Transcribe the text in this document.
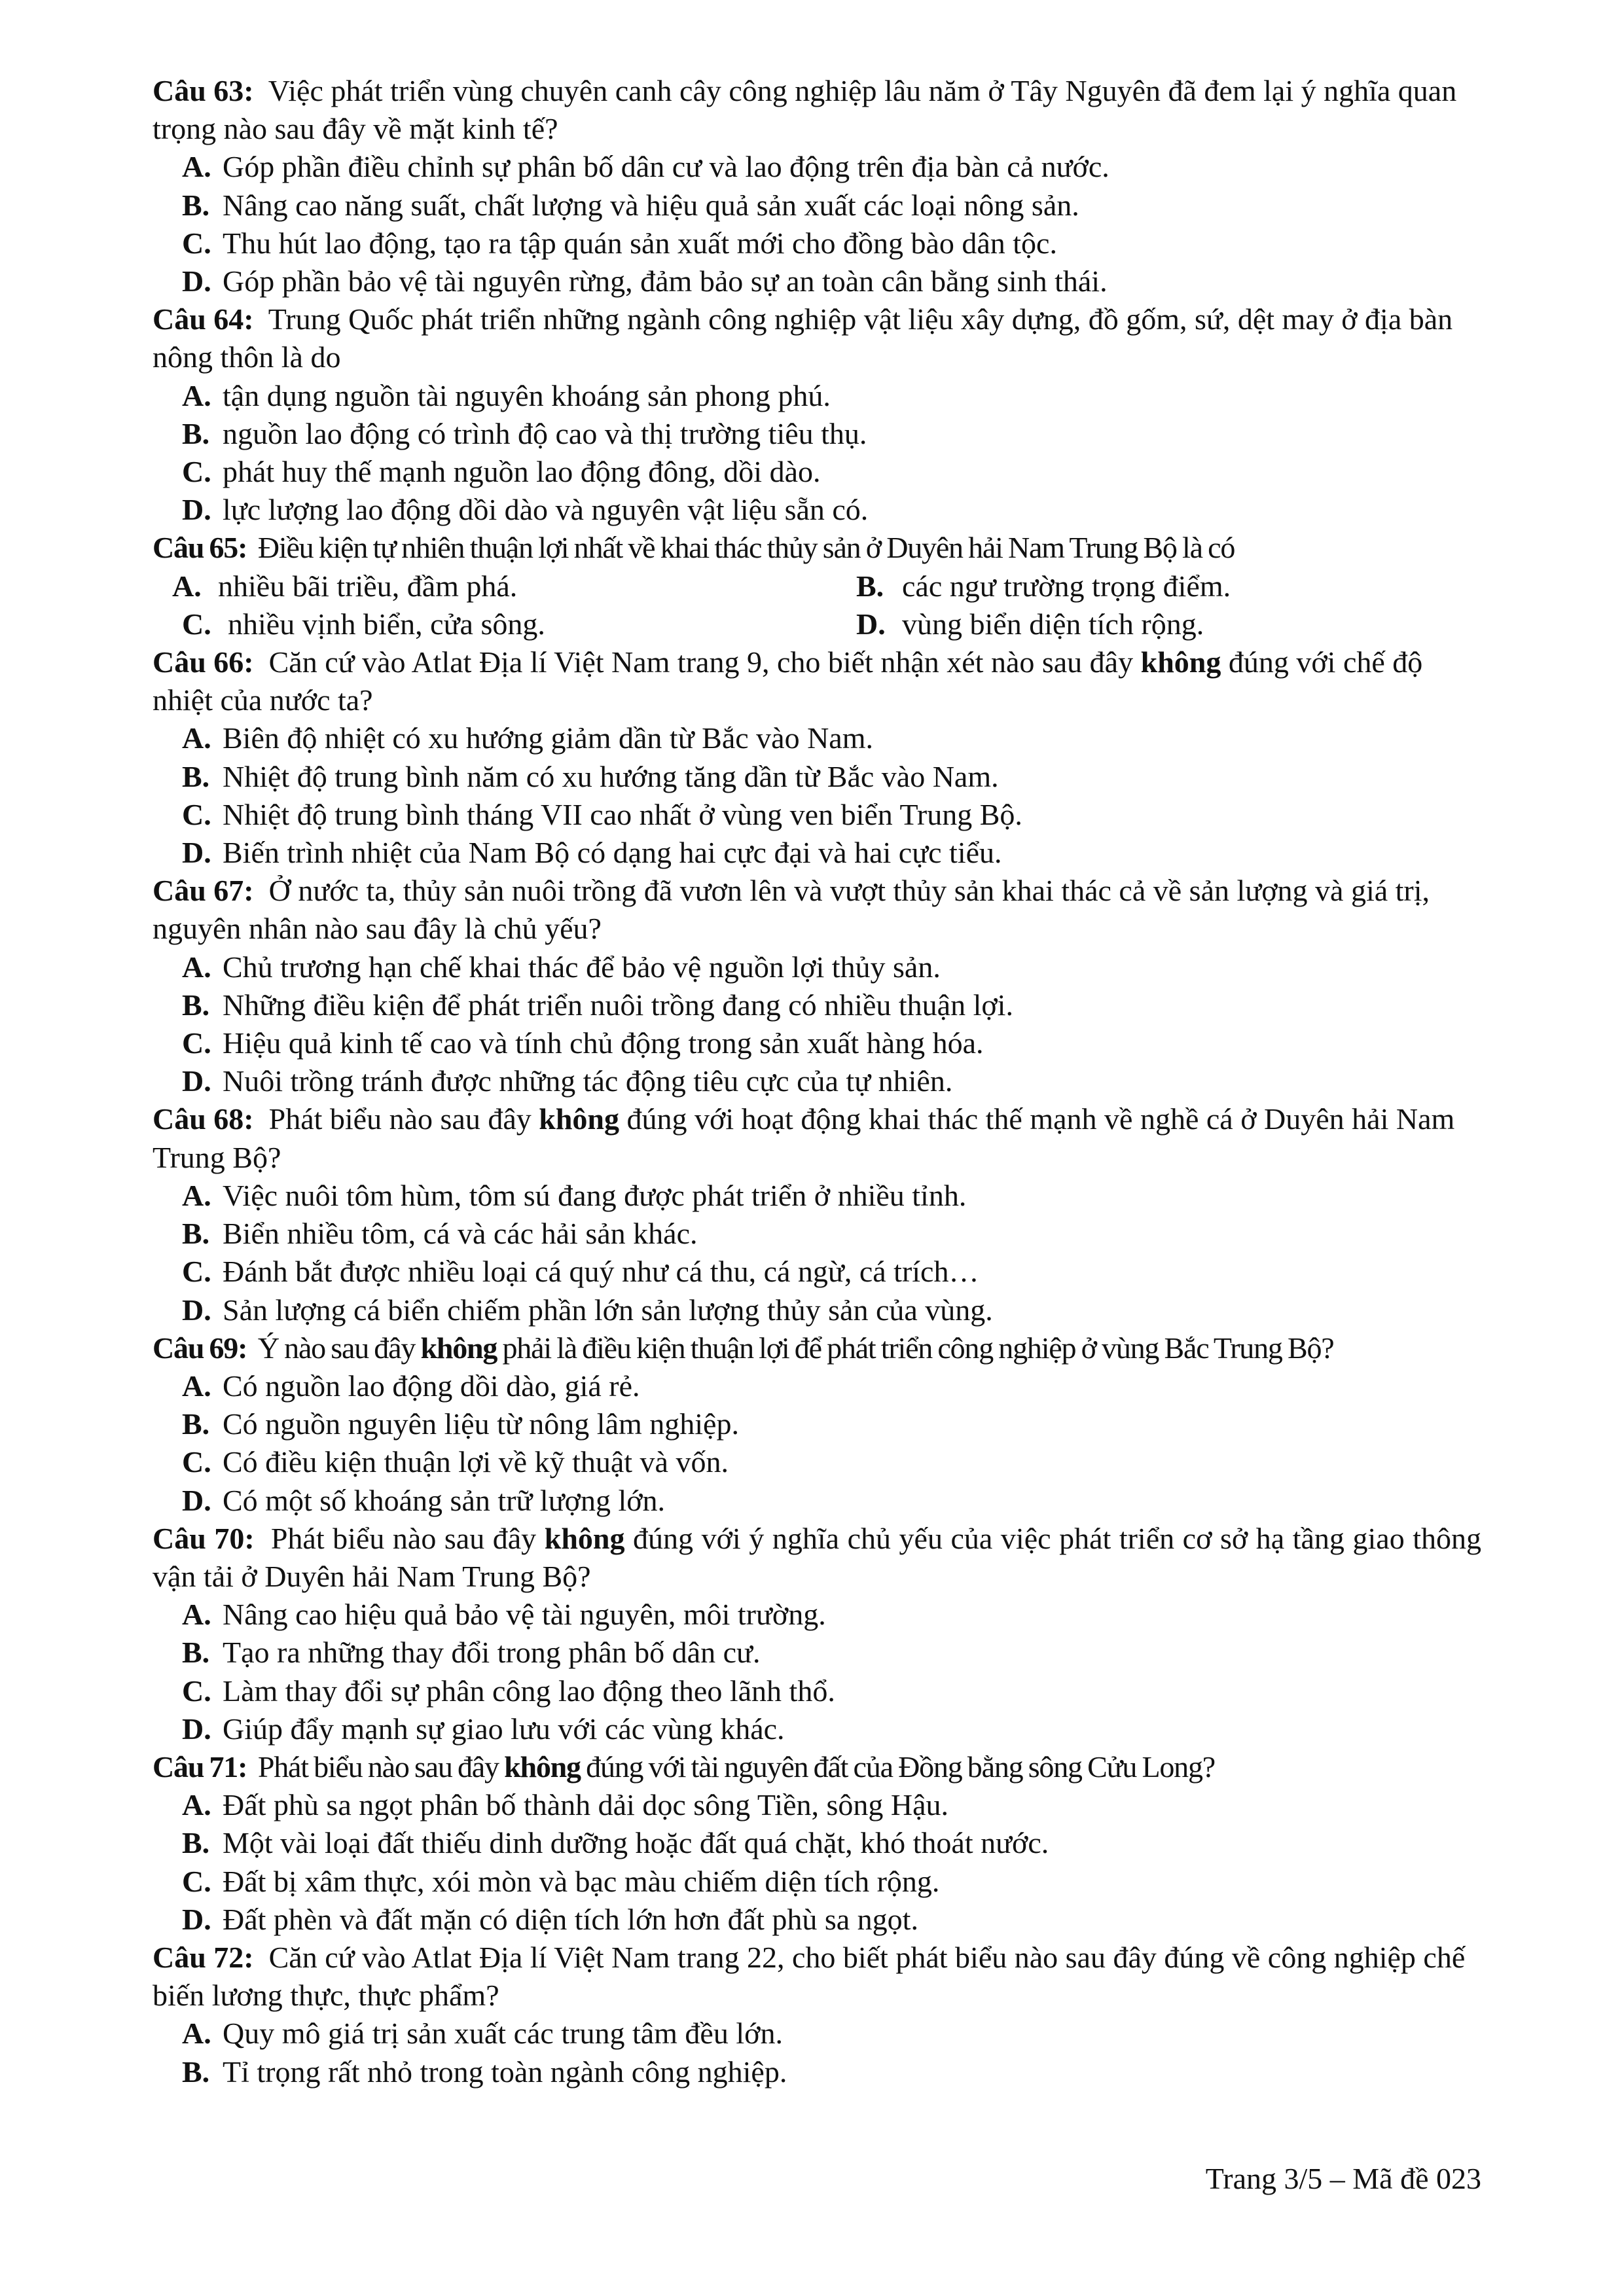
Câu 63: Việc phát triển vùng chuyên canh cây công nghiệp lâu năm ở Tây Nguyên đã đem lại ý nghĩa quan trọng nào sau đây về mặt kinh tế?
A. Góp phần điều chỉnh sự phân bố dân cư và lao động trên địa bàn cả nước.
B. Nâng cao năng suất, chất lượng và hiệu quả sản xuất các loại nông sản.
C. Thu hút lao động, tạo ra tập quán sản xuất mới cho đồng bào dân tộc.
D. Góp phần bảo vệ tài nguyên rừng, đảm bảo sự an toàn cân bằng sinh thái.
Câu 64: Trung Quốc phát triển những ngành công nghiệp vật liệu xây dựng, đồ gốm, sứ, dệt may ở địa bàn nông thôn là do
A. tận dụng nguồn tài nguyên khoáng sản phong phú.
B. nguồn lao động có trình độ cao và thị trường tiêu thụ.
C. phát huy thế mạnh nguồn lao động đông, dồi dào.
D. lực lượng lao động dồi dào và nguyên vật liệu sẵn có.
Câu 65: Điều kiện tự nhiên thuận lợi nhất về khai thác thủy sản ở Duyên hải Nam Trung Bộ là có
A. nhiều bãi triều, đầm phá.	B. các ngư trường trọng điểm.
C. nhiều vịnh biển, cửa sông.	D. vùng biển diện tích rộng.
Câu 66: Căn cứ vào Atlat Địa lí Việt Nam trang 9, cho biết nhận xét nào sau đây không đúng với chế độ nhiệt của nước ta?
A. Biên độ nhiệt có xu hướng giảm dần từ Bắc vào Nam.
B. Nhiệt độ trung bình năm có xu hướng tăng dần từ Bắc vào Nam.
C. Nhiệt độ trung bình tháng VII cao nhất ở vùng ven biển Trung Bộ.
D. Biến trình nhiệt của Nam Bộ có dạng hai cực đại và hai cực tiểu.
Câu 67: Ở nước ta, thủy sản nuôi trồng đã vươn lên và vượt thủy sản khai thác cả về sản lượng và giá trị, nguyên nhân nào sau đây là chủ yếu?
A. Chủ trương hạn chế khai thác để bảo vệ nguồn lợi thủy sản.
B. Những điều kiện để phát triển nuôi trồng đang có nhiều thuận lợi.
C. Hiệu quả kinh tế cao và tính chủ động trong sản xuất hàng hóa.
D. Nuôi trồng tránh được những tác động tiêu cực của tự nhiên.
Câu 68: Phát biểu nào sau đây không đúng với hoạt động khai thác thế mạnh về nghề cá ở Duyên hải Nam Trung Bộ?
A. Việc nuôi tôm hùm, tôm sú đang được phát triển ở nhiều tỉnh.
B. Biển nhiều tôm, cá và các hải sản khác.
C. Đánh bắt được nhiều loại cá quý như cá thu, cá ngừ, cá trích…
D. Sản lượng cá biển chiếm phần lớn sản lượng thủy sản của vùng.
Câu 69: Ý nào sau đây không phải là điều kiện thuận lợi để phát triển công nghiệp ở vùng Bắc Trung Bộ?
A. Có nguồn lao động dồi dào, giá rẻ.
B. Có nguồn nguyên liệu từ nông lâm nghiệp.
C. Có điều kiện thuận lợi về kỹ thuật và vốn.
D. Có một số khoáng sản trữ lượng lớn.
Câu 70: Phát biểu nào sau đây không đúng với ý nghĩa chủ yếu của việc phát triển cơ sở hạ tầng giao thông vận tải ở Duyên hải Nam Trung Bộ?
A. Nâng cao hiệu quả bảo vệ tài nguyên, môi trường.
B. Tạo ra những thay đổi trong phân bố dân cư.
C. Làm thay đổi sự phân công lao động theo lãnh thổ.
D. Giúp đẩy mạnh sự giao lưu với các vùng khác.
Câu 71: Phát biểu nào sau đây không đúng với tài nguyên đất của Đồng bằng sông Cửu Long?
A. Đất phù sa ngọt phân bố thành dải dọc sông Tiền, sông Hậu.
B. Một vài loại đất thiếu dinh dưỡng hoặc đất quá chặt, khó thoát nước.
C. Đất bị xâm thực, xói mòn và bạc màu chiếm diện tích rộng.
D. Đất phèn và đất mặn có diện tích lớn hơn đất phù sa ngọt.
Câu 72: Căn cứ vào Atlat Địa lí Việt Nam trang 22, cho biết phát biểu nào sau đây đúng về công nghiệp chế biến lương thực, thực phẩm?
A. Quy mô giá trị sản xuất các trung tâm đều lớn.
B. Tỉ trọng rất nhỏ trong toàn ngành công nghiệp.
Trang 3/5 – Mã đề 023
